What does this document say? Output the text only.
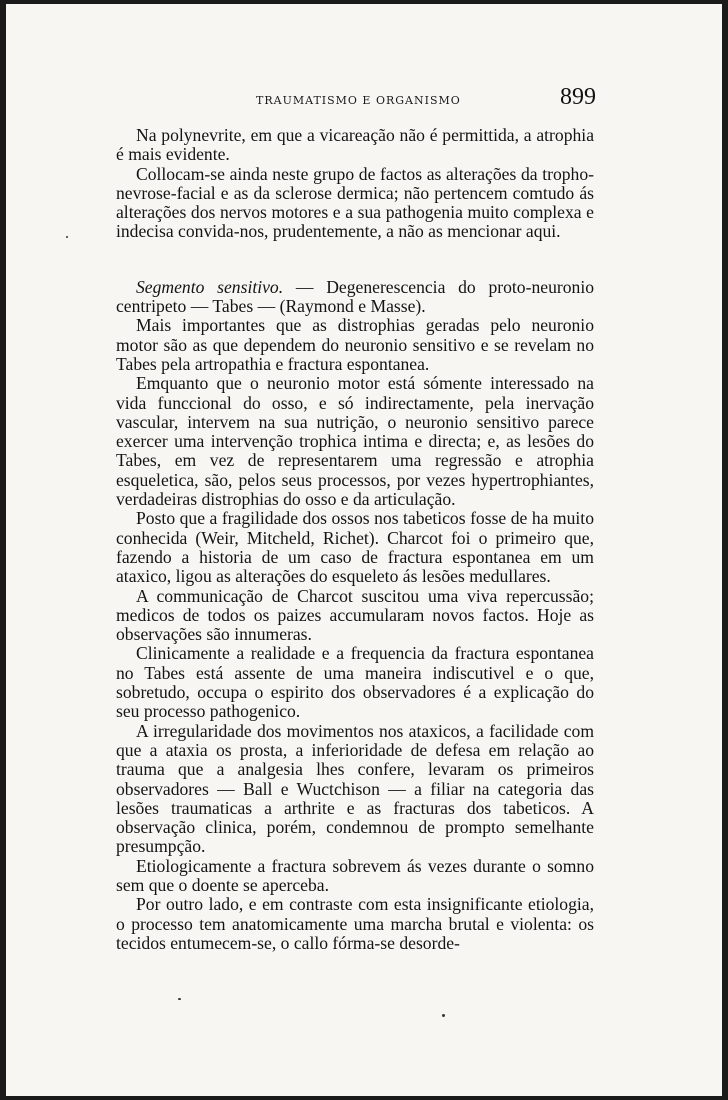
TRAUMATISMO E ORGANISMO	899

Na polynevrite, em que a vicareação não é permittida, a atrophia é mais evidente.

Collocam-se ainda neste grupo de factos as alterações da tropho-nevrose-facial e as da sclerose dermica; não pertencem comtudo ás alterações dos nervos motores e a sua pathogenia muito complexa e indecisa convida-nos, prudentemente, a não as mencionar aqui.

Segmento sensitivo. — Degenerescencia do proto-neuronio centripeto — Tabes — (Raymond e Masse).

Mais importantes que as distrophias geradas pelo neuronio motor são as que dependem do neuronio sensitivo e se revelam no Tabes pela artropathia e fractura espontanea.

Emquanto que o neuronio motor está sómente interessado na vida funccional do osso, e só indirectamente, pela inervação vascular, intervem na sua nutrição, o neuronio sensitivo parece exercer uma intervenção trophica intima e directa; e, as lesões do Tabes, em vez de representarem uma regressão e atrophia esqueletica, são, pelos seus processos, por vezes hypertrophiantes, verdadeiras distrophias do osso e da articulação.

Posto que a fragilidade dos ossos nos tabeticos fosse de ha muito conhecida (Weir, Mitcheld, Richet). Charcot foi o primeiro que, fazendo a historia de um caso de fractura espontanea em um ataxico, ligou as alterações do esqueleto ás lesões medullares.

A communicação de Charcot suscitou uma viva repercussão; medicos de todos os paizes accumularam novos factos. Hoje as observações são innumeras.

Clinicamente a realidade e a frequencia da fractura espontanea no Tabes está assente de uma maneira indiscutivel e o que, sobretudo, occupa o espirito dos observadores é a explicação do seu processo pathogenico.

A irregularidade dos movimentos nos ataxicos, a facilidade com que a ataxia os prosta, a inferioridade de defesa em relação ao trauma que a analgesia lhes confere, levaram os primeiros observadores — Ball e Wuctchison — a filiar na categoria das lesões traumaticas a arthrite e as fracturas dos tabeticos. A observação clinica, porém, condemnou de prompto semelhante presumpção.

Etiologicamente a fractura sobrevem ás vezes durante o somno sem que o doente se aperceba.

Por outro lado, e em contraste com esta insignificante etiologia, o processo tem anatomicamente uma marcha brutal e violenta: os tecidos entumecem-se, o callo fórma-se desorde-
